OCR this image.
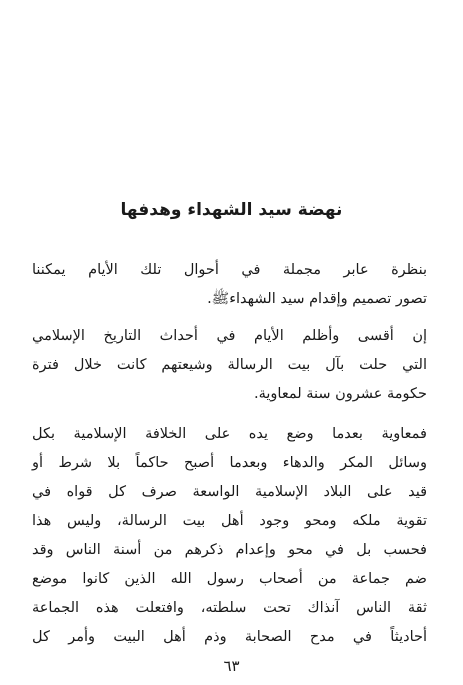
نهضة سيد الشهداء وهدفها
بنظرة عابر مجملة في أحوال تلك الأيام يمكننا
تصور تصميم وإقدام سيد الشهداءﷺ.
إن أقسى وأظلم الأيام في أحداث التاريخ الإسلامي
التي حلت بآل بيت الرسالة وشيعتهم كانت خلال فترة
حكومة عشرون سنة لمعاوية.
فمعاوية بعدما وضع يده على الخلافة الإسلامية بكل
وسائل المكر والدهاء وبعدما أصبح حاكماً بلا شرط أو
قيد على البلاد الإسلامية الواسعة صرف كل قواه في
تقوية ملكه ومحو وجود أهل بيت الرسالة، وليس هذا
فحسب بل في محو وإعدام ذكرهم من أسنة الناس وقد
ضم جماعة من أصحاب رسول الله الذين كانوا موضع
ثقة الناس آنذاك تحت سلطته، وافتعلت هذه الجماعة
أحاديثاً في مدح الصحابة وذم أهل البيت وأمر كل
٦٣
